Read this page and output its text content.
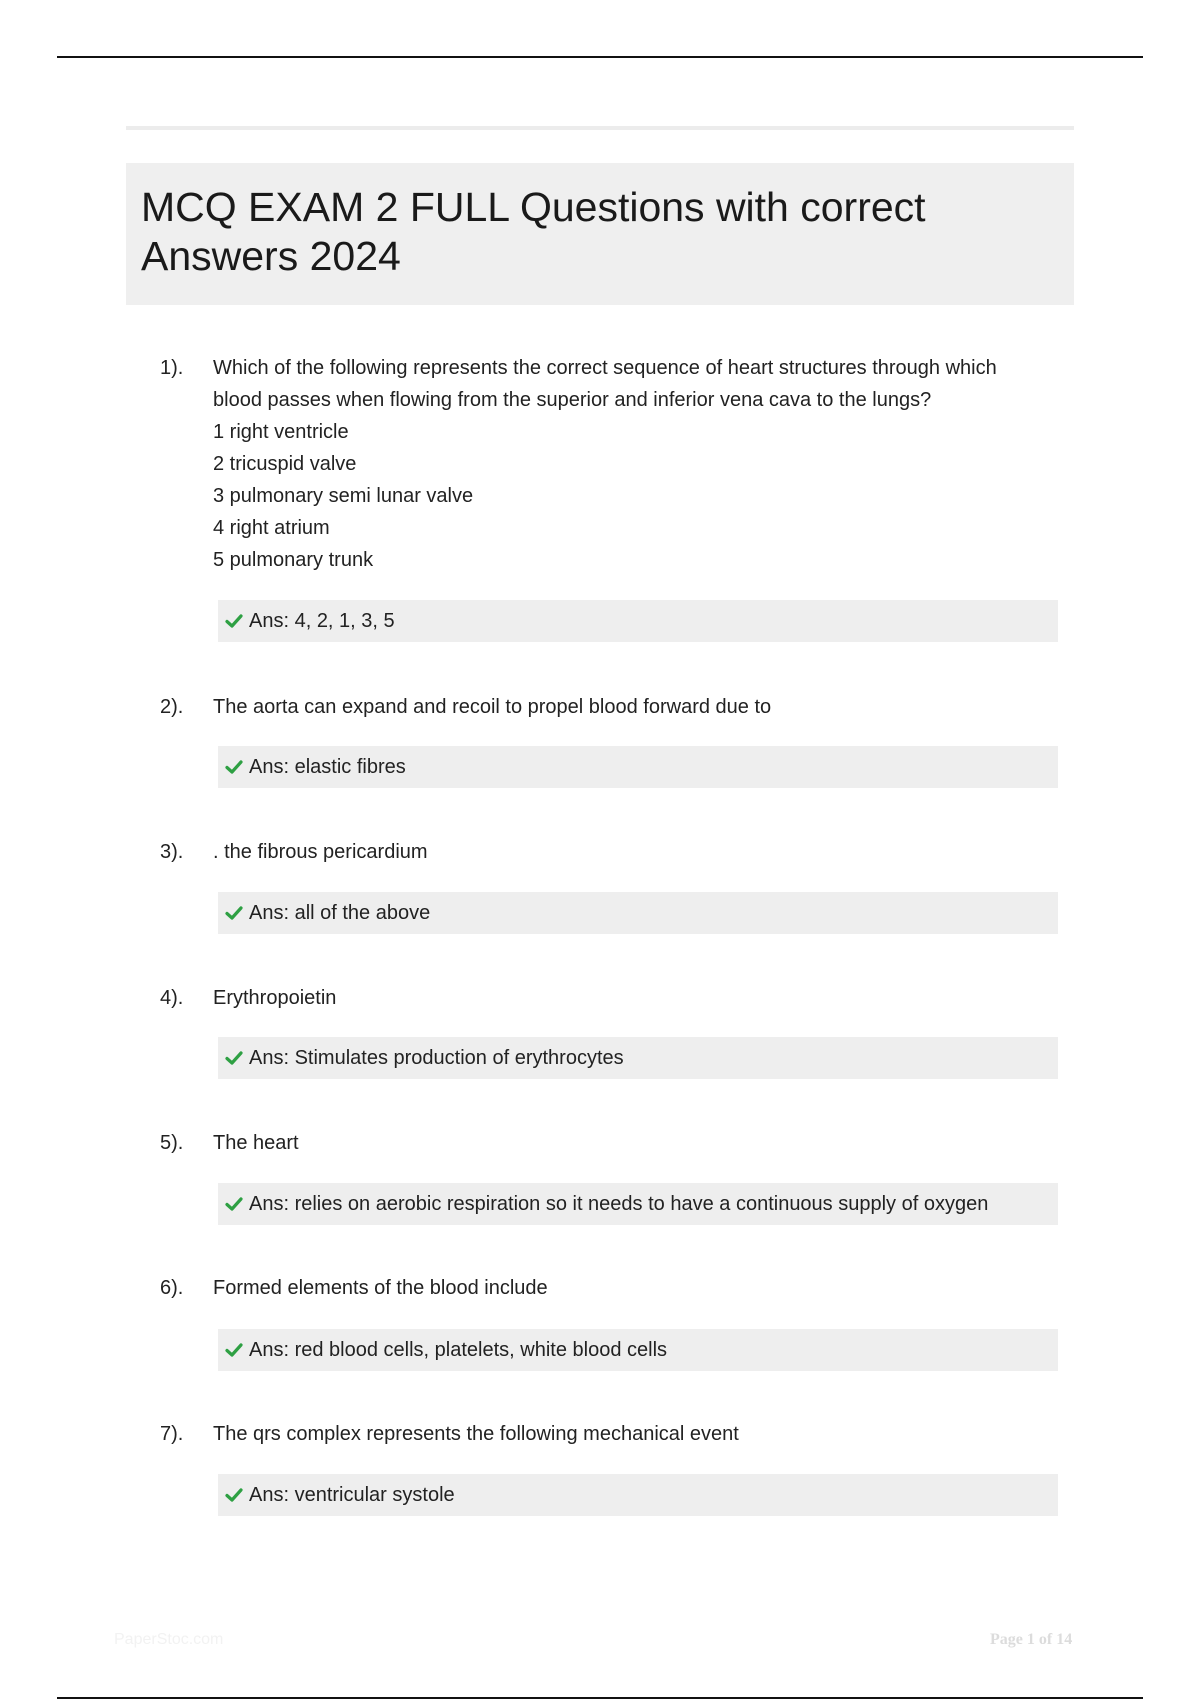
MCQ EXAM 2 FULL Questions with correct Answers 2024
1). Which of the following represents the correct sequence of heart structures through which
blood passes when flowing from the superior and inferior vena cava to the lungs?
1 right ventricle
2 tricuspid valve
3 pulmonary semi lunar valve
4 right atrium
5 pulmonary trunk
Ans: 4, 2, 1, 3, 5
2). The aorta can expand and recoil to propel blood forward due to
Ans: elastic fibres
3). . the fibrous pericardium
Ans: all of the above
4). Erythropoietin
Ans: Stimulates production of erythrocytes
5). The heart
Ans: relies on aerobic respiration so it needs to have a continuous supply of oxygen
6). Formed elements of the blood include
Ans: red blood cells, platelets, white blood cells
7). The qrs complex represents the following mechanical event
Ans: ventricular systole
PaperStoc.com	Page 1 of 14
